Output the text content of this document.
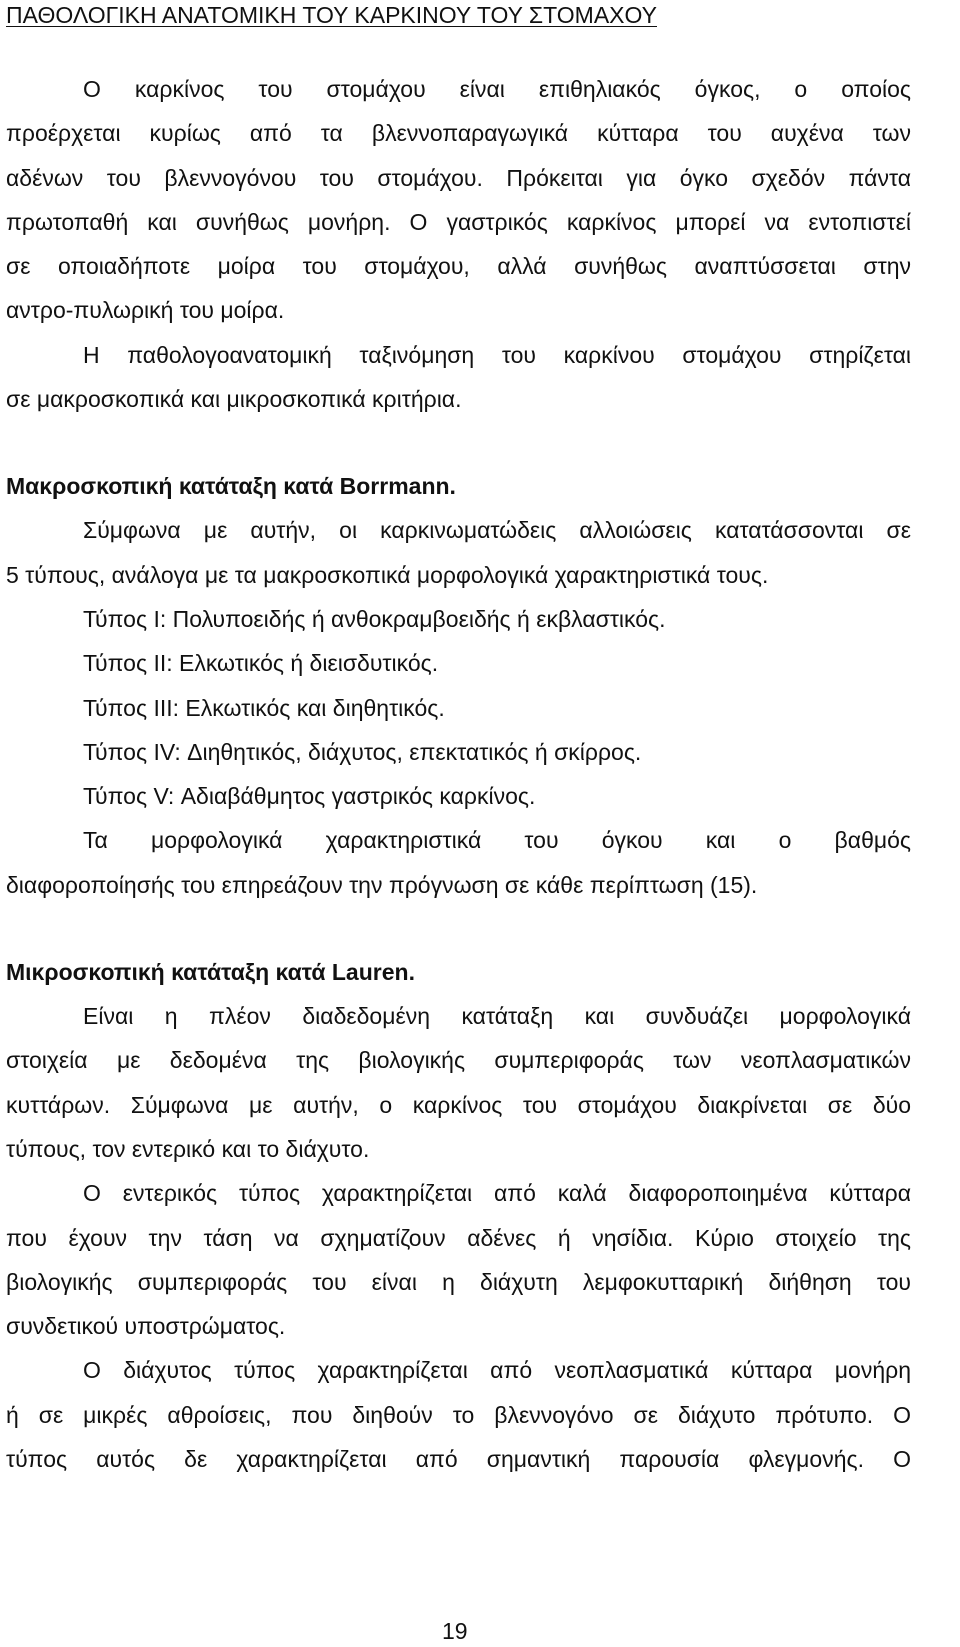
ΠΑΘΟΛΟΓΙΚΗ ΑΝΑΤΟΜΙΚΗ ΤΟΥ ΚΑΡΚΙΝΟΥ ΤΟΥ ΣΤΟΜΑΧΟΥ
Ο καρκίνος του στομάχου είναι επιθηλιακός όγκος, ο οποίος
προέρχεται κυρίως από τα βλεννοπαραγωγικά κύτταρα του αυχένα των
αδένων του βλεννογόνου του στομάχου. Πρόκειται για όγκο σχεδόν πάντα
πρωτοπαθή και συνήθως μονήρη. Ο γαστρικός καρκίνος μπορεί να εντοπιστεί
σε οποιαδήποτε μοίρα του στομάχου, αλλά συνήθως αναπτύσσεται στην
αντρο-πυλωρική του μοίρα.
Η παθολογοανατομική ταξινόμηση του καρκίνου στομάχου στηρίζεται
σε μακροσκοπικά και μικροσκοπικά κριτήρια.
Μακροσκοπική κατάταξη κατά Borrmann.
Σύμφωνα με αυτήν, οι καρκινωματώδεις αλλοιώσεις κατατάσσονται σε
5 τύπους, ανάλογα με τα μακροσκοπικά μορφολογικά χαρακτηριστικά τους.
Τύπος Ι: Πολυποειδής ή ανθοκραμβοειδής ή εκβλαστικός.
Τύπος ΙΙ: Ελκωτικός ή διεισδυτικός.
Τύπος ΙΙΙ: Ελκωτικός και διηθητικός.
Τύπος ΙV: Διηθητικός, διάχυτος, επεκτατικός ή σκίρρος.
Τύπος V: Αδιαβάθμητος γαστρικός καρκίνος.
Τα μορφολογικά χαρακτηριστικά του όγκου και ο βαθμός
διαφοροποίησής του επηρεάζουν την πρόγνωση σε κάθε περίπτωση (15).
Μικροσκοπική κατάταξη κατά Lauren.
Είναι η πλέον διαδεδομένη κατάταξη και συνδυάζει μορφολογικά
στοιχεία με δεδομένα της βιολογικής συμπεριφοράς των νεοπλασματικών
κυττάρων. Σύμφωνα με αυτήν, ο καρκίνος του στομάχου διακρίνεται σε δύο
τύπους, τον εντερικό και το διάχυτο.
Ο εντερικός τύπος χαρακτηρίζεται από καλά διαφοροποιημένα κύτταρα
που έχουν την τάση να σχηματίζουν αδένες ή νησίδια. Κύριο στοιχείο της
βιολογικής συμπεριφοράς του είναι η διάχυτη λεμφοκυτταρική διήθηση του
συνδετικού υποστρώματος.
Ο διάχυτος τύπος χαρακτηρίζεται από νεοπλασματικά κύτταρα μονήρη
ή σε μικρές αθροίσεις, που διηθούν το βλεννογόνο σε διάχυτο πρότυπο. Ο
τύπος αυτός δε χαρακτηρίζεται από σημαντική παρουσία φλεγμονής. Ο
19
